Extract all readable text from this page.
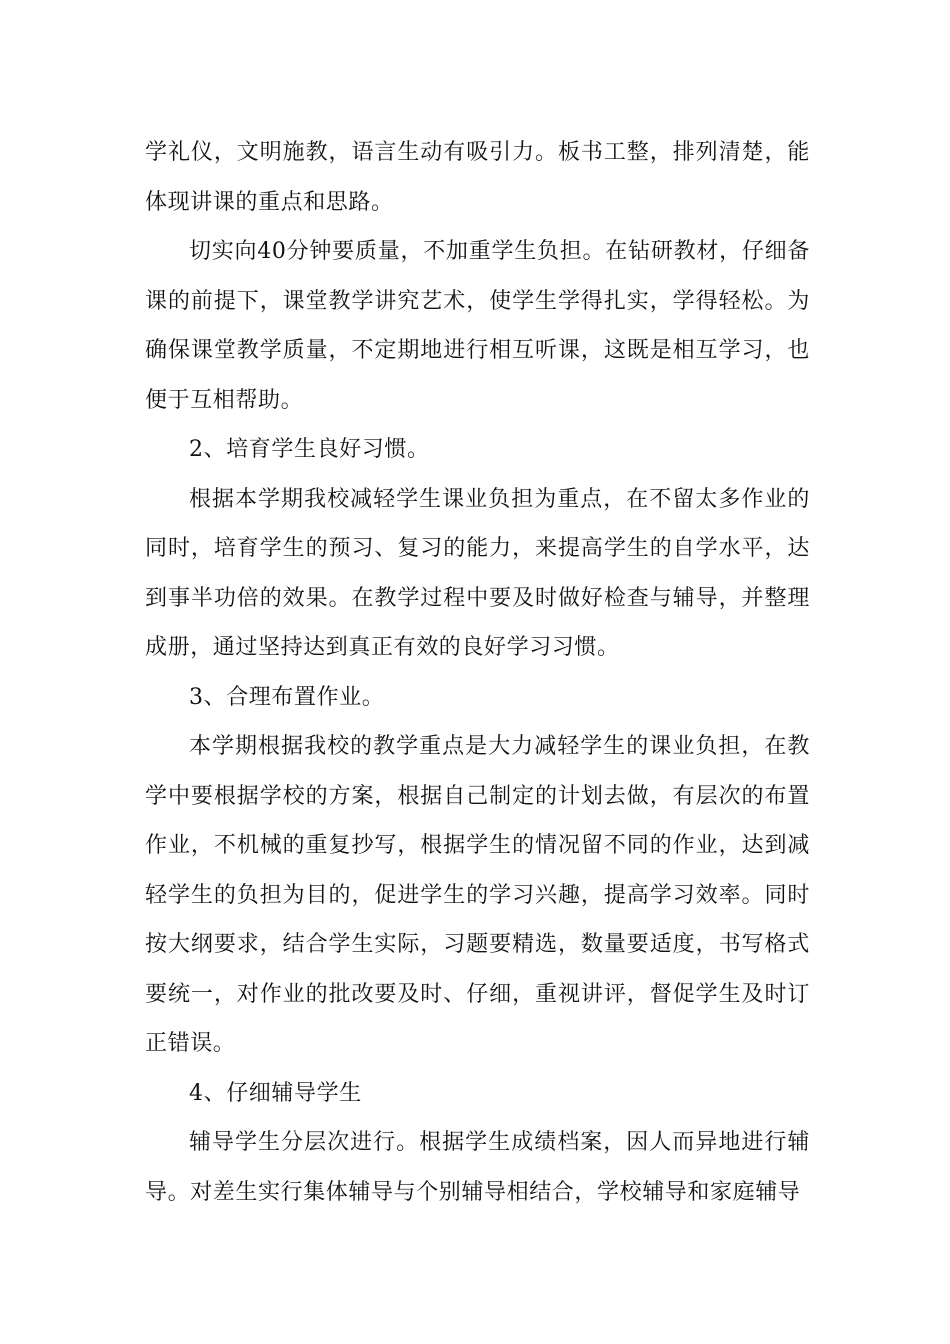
学礼仪，文明施教，语言生动有吸引力。板书工整，排列清楚，能体现讲课的重点和思路。

切实向40分钟要质量，不加重学生负担。在钻研教材，仔细备课的前提下，课堂教学讲究艺术，使学生学得扎实，学得轻松。为确保课堂教学质量，不定期地进行相互听课，这既是相互学习，也便于互相帮助。

2、培育学生良好习惯。

根据本学期我校减轻学生课业负担为重点，在不留太多作业的同时，培育学生的预习、复习的能力，来提高学生的自学水平，达到事半功倍的效果。在教学过程中要及时做好检查与辅导，并整理成册，通过坚持达到真正有效的良好学习习惯。

3、合理布置作业。

本学期根据我校的教学重点是大力减轻学生的课业负担，在教学中要根据学校的方案，根据自己制定的计划去做，有层次的布置作业，不机械的重复抄写，根据学生的情况留不同的作业，达到减轻学生的负担为目的，促进学生的学习兴趣，提高学习效率。同时按大纲要求，结合学生实际，习题要精选，数量要适度，书写格式要统一，对作业的批改要及时、仔细，重视讲评，督促学生及时订正错误。

4、仔细辅导学生

辅导学生分层次进行。根据学生成绩档案，因人而异地进行辅导。对差生实行集体辅导与个别辅导相结合，学校辅导和家庭辅导
